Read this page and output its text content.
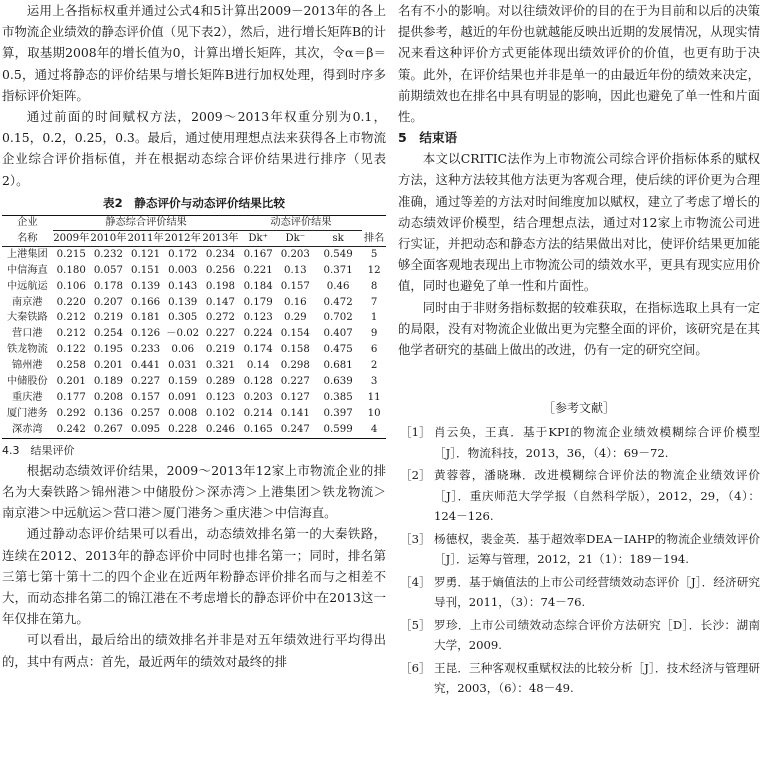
运用上各指标权重并通过公式4和5计算出2009－2013年的各上市物流企业绩效的静态评价值（见下表2），然后，进行增长矩阵B的计算，取基期2008年的增长值为0，计算出增长矩阵，其次，令α＝β＝0.5，通过将静态的评价结果与增长矩阵B进行加权处理，得到时序多指标评价矩阵。

通过前面的时间赋权方法，2009～2013年权重分别为0.1，0.15，0.2，0.25，0.3。最后，通过使用理想点法来获得各上市物流企业综合评价指标值，并在根据动态综合评价结果进行排序（见表2）。

表2　静态评价与动态评价结果比较
企业	静态综合评价结果					动态评价结果			排名
名称	2009年	2010年	2011年	2012年	2013年	Dk⁺	Dk⁻	sk	
上港集团	0.215	0.232	0.121	0.172	0.234	0.167	0.203	0.549	5
中信海直	0.180	0.057	0.151	0.003	0.256	0.221	0.13	0.371	12
中远航运	0.106	0.178	0.139	0.143	0.198	0.184	0.157	0.46	8
南京港	0.220	0.207	0.166	0.139	0.147	0.179	0.16	0.472	7
大秦铁路	0.212	0.219	0.181	0.305	0.272	0.123	0.29	0.702	1
营口港	0.212	0.254	0.126	－0.02	0.227	0.224	0.154	0.407	9
铁龙物流	0.122	0.195	0.233	0.06	0.219	0.174	0.158	0.475	6
锦州港	0.258	0.201	0.441	0.031	0.321	0.14	0.298	0.681	2
中储股份	0.201	0.189	0.227	0.159	0.289	0.128	0.227	0.639	3
重庆港	0.177	0.208	0.157	0.091	0.123	0.203	0.127	0.385	11
厦门港务	0.292	0.136	0.257	0.008	0.102	0.214	0.141	0.397	10
深赤湾	0.242	0.267	0.095	0.228	0.246	0.165	0.247	0.599	4

4.3　结果评价

根据动态绩效评价结果，2009～2013年12家上市物流企业的排名为大秦铁路＞锦州港＞中储股份＞深赤湾＞上港集团＞铁龙物流＞南京港＞中远航运＞营口港＞厦门港务＞重庆港＞中信海直。

通过静动态评价结果可以看出，动态绩效排名第一的大秦铁路，连续在2012、2013年的静态评价中同时也排名第一；同时，排名第三第七第十第十二的四个企业在近两年粉静态评价排名而与之相差不大，而动态排名第二的锦江港在不考虑增长的静态评价中在2013这一年仅排在第九。

可以看出，最后给出的绩效排名并非是对五年绩效进行平均得出的，其中有两点：首先，最近两年的绩效对最终的排

名有不小的影响。对以往绩效评价的目的在于为目前和以后的决策提供参考，越近的年份也就越能反映出近期的发展情况，从现实情况来看这种评价方式更能体现出绩效评价的价值，也更有助于决策。此外，在评价结果也并非是单一的由最近年份的绩效来决定，前期绩效也在排名中具有明显的影响，因此也避免了单一性和片面性。

5　结束语

本文以CRITIC法作为上市物流公司综合评价指标体系的赋权方法，这种方法较其他方法更为客观合理，使后续的评价更为合理准确，通过等差的方法对时间维度加以赋权，建立了考虑了增长的动态绩效评价模型，结合理想点法，通过对12家上市物流公司进行实证，并把动态和静态方法的结果做出对比，使评价结果更加能够全面客观地表现出上市物流公司的绩效水平，更具有现实应用价值，同时也避免了单一性和片面性。

同时由于非财务指标数据的较难获取，在指标选取上具有一定的局限，没有对物流企业做出更为完整全面的评价，该研究是在其他学者研究的基础上做出的改进，仍有一定的研究空间。

［参考文献］

［1］ 肖云奂，王真．基于KPI的物流企业绩效模糊综合评价模型［J］．物流科技，2013，36，（4）：69－72.
［2］ 黄蓉蓉，潘晓琳．改进模糊综合评价法的物流企业绩效评价［J］．重庆师范大学学报（自然科学版），2012，29，（4）：124－126.
［3］ 杨德权，裴金英．基于超效率DEA－IAHP的物流企业绩效评价［J］．运筹与管理，2012，21（1）：189－194.
［4］ 罗勇．基于熵值法的上市公司经营绩效动态评价［J］．经济研究导刊，2011，（3）：74－76.
［5］ 罗珍．上市公司绩效动态综合评价方法研究［D］．长沙：湖南大学，2009.
［6］ 王昆．三种客观权重赋权法的比较分析［J］．技术经济与管理研究，2003，（6）：48－49.
